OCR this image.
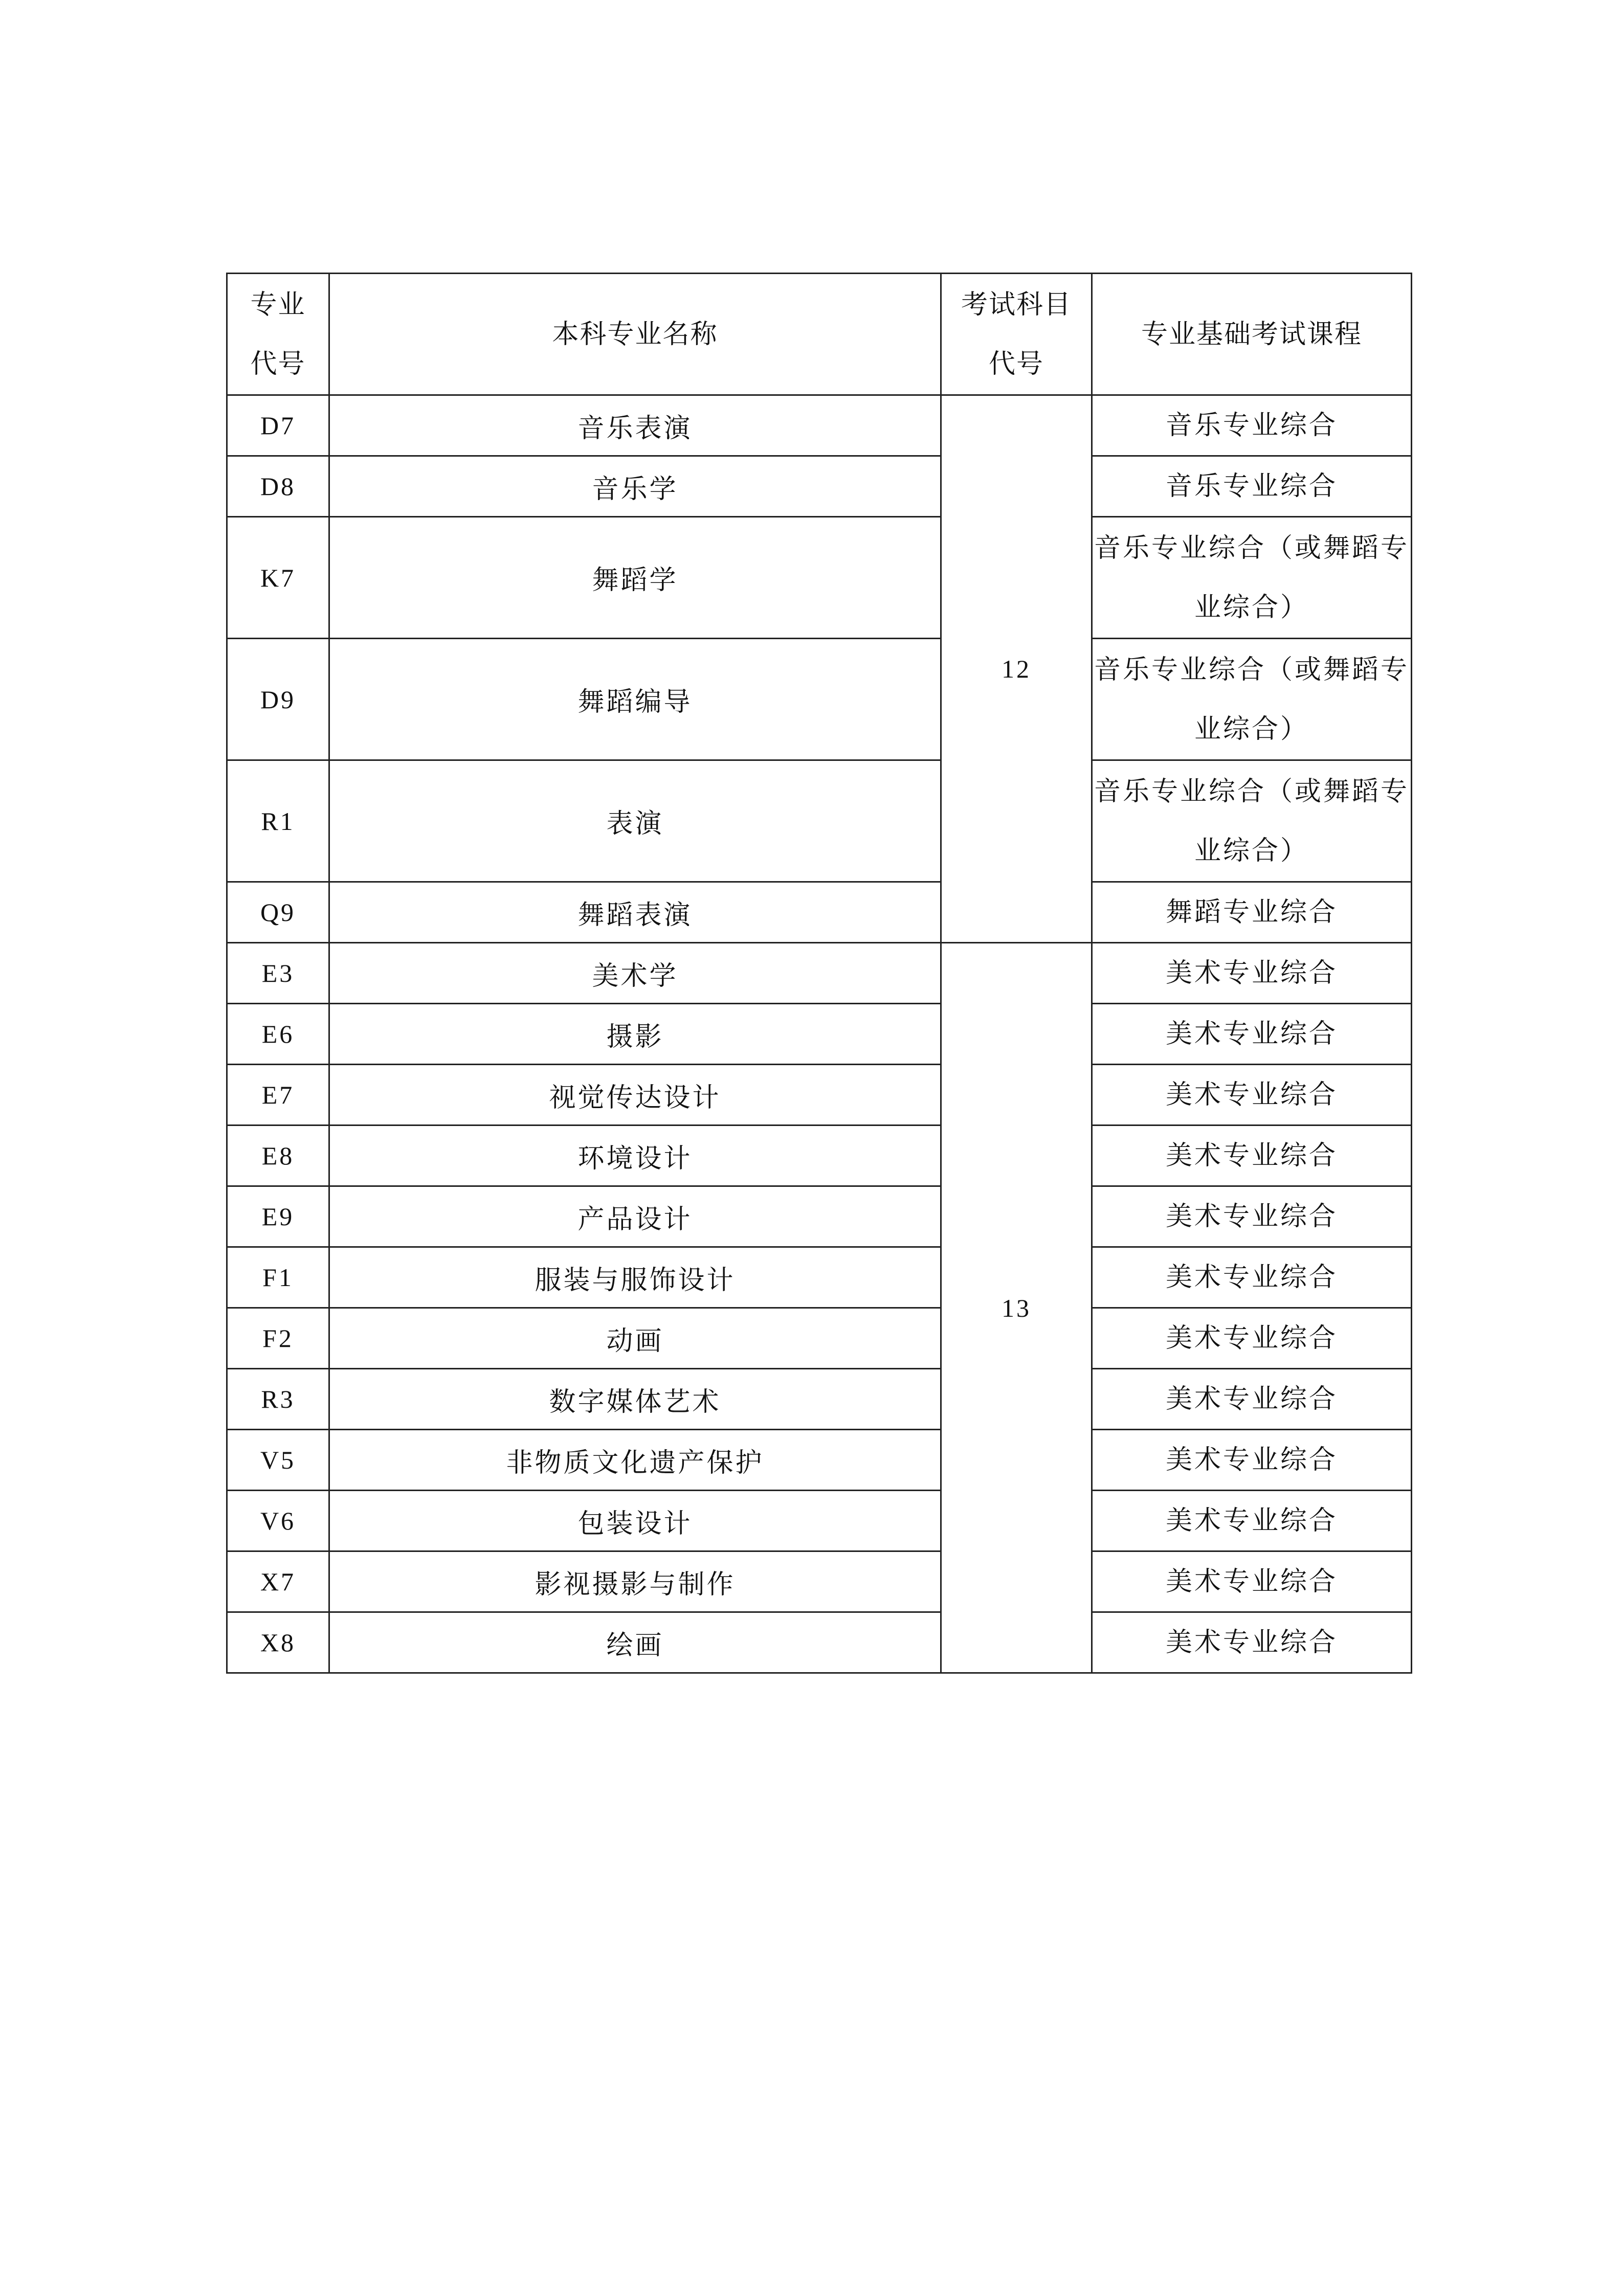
专业代号	本科专业名称	考试科目代号	专业基础考试课程
D7	音乐表演	12	音乐专业综合
D8	音乐学		音乐专业综合
K7	舞蹈学		音乐专业综合（或舞蹈专业综合）
D9	舞蹈编导		音乐专业综合（或舞蹈专业综合）
R1	表演		音乐专业综合（或舞蹈专业综合）
Q9	舞蹈表演		舞蹈专业综合
E3	美术学	13	美术专业综合
E6	摄影		美术专业综合
E7	视觉传达设计		美术专业综合
E8	环境设计		美术专业综合
E9	产品设计		美术专业综合
F1	服装与服饰设计		美术专业综合
F2	动画		美术专业综合
R3	数字媒体艺术		美术专业综合
V5	非物质文化遗产保护		美术专业综合
V6	包装设计		美术专业综合
X7	影视摄影与制作		美术专业综合
X8	绘画		美术专业综合
